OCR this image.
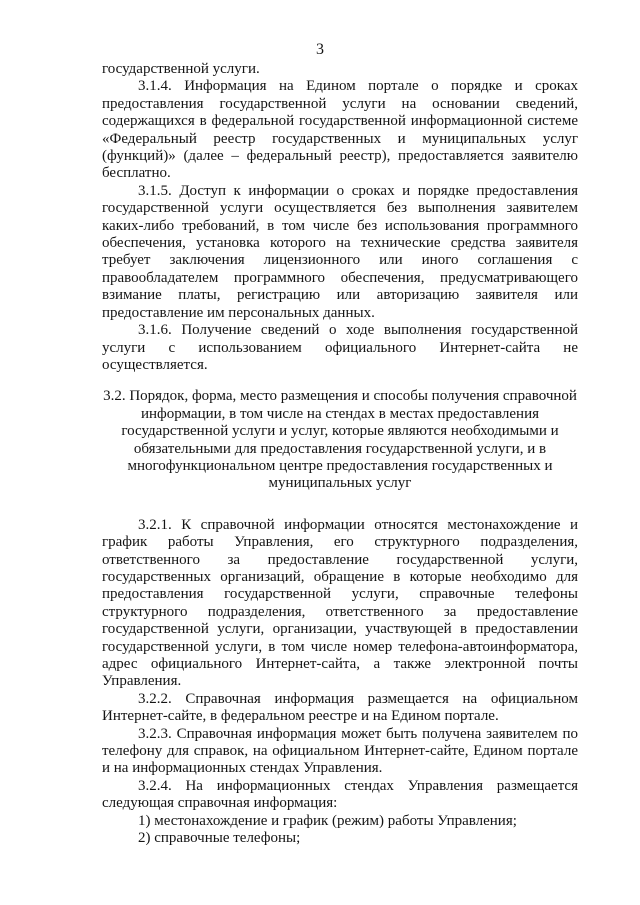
3

государственной услуги.

3.1.4. Информация на Едином портале о порядке и сроках предоставления государственной услуги на основании сведений, содержащихся в федеральной государственной информационной системе «Федеральный реестр государственных и муниципальных услуг (функций)» (далее – федеральный реестр), предоставляется заявителю бесплатно.

3.1.5. Доступ к информации о сроках и порядке предоставления государственной услуги осуществляется без выполнения заявителем каких-либо требований, в том числе без использования программного обеспечения, установка которого на технические средства заявителя требует заключения лицензионного или иного соглашения с правообладателем программного обеспечения, предусматривающего взимание платы, регистрацию или авторизацию заявителя или предоставление им персональных данных.

3.1.6. Получение сведений о ходе выполнения государственной услуги с использованием официального Интернет-сайта не осуществляется.

3.2. Порядок, форма, место размещения и способы получения справочной информации, в том числе на стендах в местах предоставления государственной услуги и услуг, которые являются необходимыми и обязательными для предоставления государственной услуги, и в многофункциональном центре предоставления государственных и муниципальных услуг

3.2.1. К справочной информации относятся местонахождение и график работы Управления, его структурного подразделения, ответственного за предоставление государственной услуги, государственных организаций, обращение в которые необходимо для предоставления государственной услуги, справочные телефоны структурного подразделения, ответственного за предоставление государственной услуги, организации, участвующей в предоставлении государственной услуги, в том числе номер телефона-автоинформатора, адрес официального Интернет-сайта, а также электронной почты Управления.

3.2.2. Справочная информация размещается на официальном Интернет-сайте, в федеральном реестре и на Едином портале.

3.2.3. Справочная информация может быть получена заявителем по телефону для справок, на официальном Интернет-сайте, Едином портале и на информационных стендах Управления.

3.2.4. На информационных стендах Управления размещается следующая справочная информация:

1) местонахождение и график (режим) работы Управления;

2) справочные телефоны;
